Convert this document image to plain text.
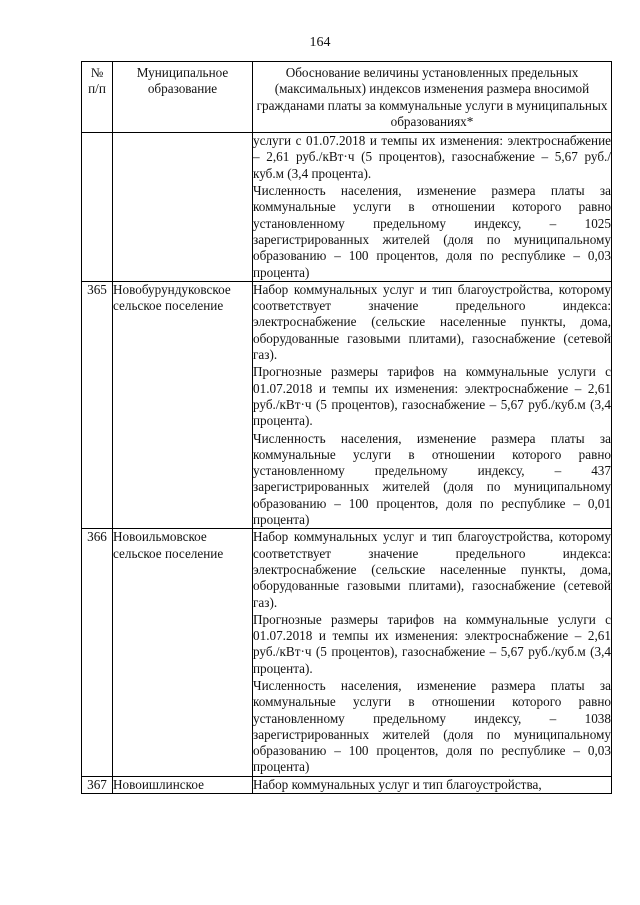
164
№ п/п	Муниципальное образование	Обоснование величины установленных предельных (максимальных) индексов изменения размера вносимой гражданами платы за коммунальные услуги в муниципальных образованиях*

		услуги с 01.07.2018 и темпы их изменения: электроснабжение – 2,61 руб./кВт·ч (5 процентов), газоснабжение – 5,67 руб./куб.м (3,4 процента).

Численность населения, изменение размера платы за коммунальные услуги в отношении которого равно установленному предельному индексу, – 1025 зарегистрированных жителей (доля по муниципальному образованию – 100 процентов, доля по республике – 0,03 процента)

365	Новобурундуковское сельское поселение	Набор коммунальных услуг и тип благоустройства, которому соответствует значение предельного индекса: электроснабжение (сельские населенные пункты, дома, оборудованные газовыми плитами), газоснабжение (сетевой газ).

Прогнозные размеры тарифов на коммунальные услуги с 01.07.2018 и темпы их изменения: электроснабжение – 2,61 руб./кВт·ч (5 процентов), газоснабжение – 5,67 руб./куб.м (3,4 процента).

Численность населения, изменение размера платы за коммунальные услуги в отношении которого равно установленному предельному индексу, – 437 зарегистрированных жителей (доля по муниципальному образованию – 100 процентов, доля по республике – 0,01 процента)

366	Новоильмовское сельское поселение	Набор коммунальных услуг и тип благоустройства, которому соответствует значение предельного индекса: электроснабжение (сельские населенные пункты, дома, оборудованные газовыми плитами), газоснабжение (сетевой газ).

Прогнозные размеры тарифов на коммунальные услуги с 01.07.2018 и темпы их изменения: электроснабжение – 2,61 руб./кВт·ч (5 процентов), газоснабжение – 5,67 руб./куб.м (3,4 процента).

Численность населения, изменение размера платы за коммунальные услуги в отношении которого равно установленному предельному индексу, – 1038 зарегистрированных жителей (доля по муниципальному образованию – 100 процентов, доля по республике – 0,03 процента)

367	Новоишлинское	Набор коммунальных услуг и тип благоустройства,
